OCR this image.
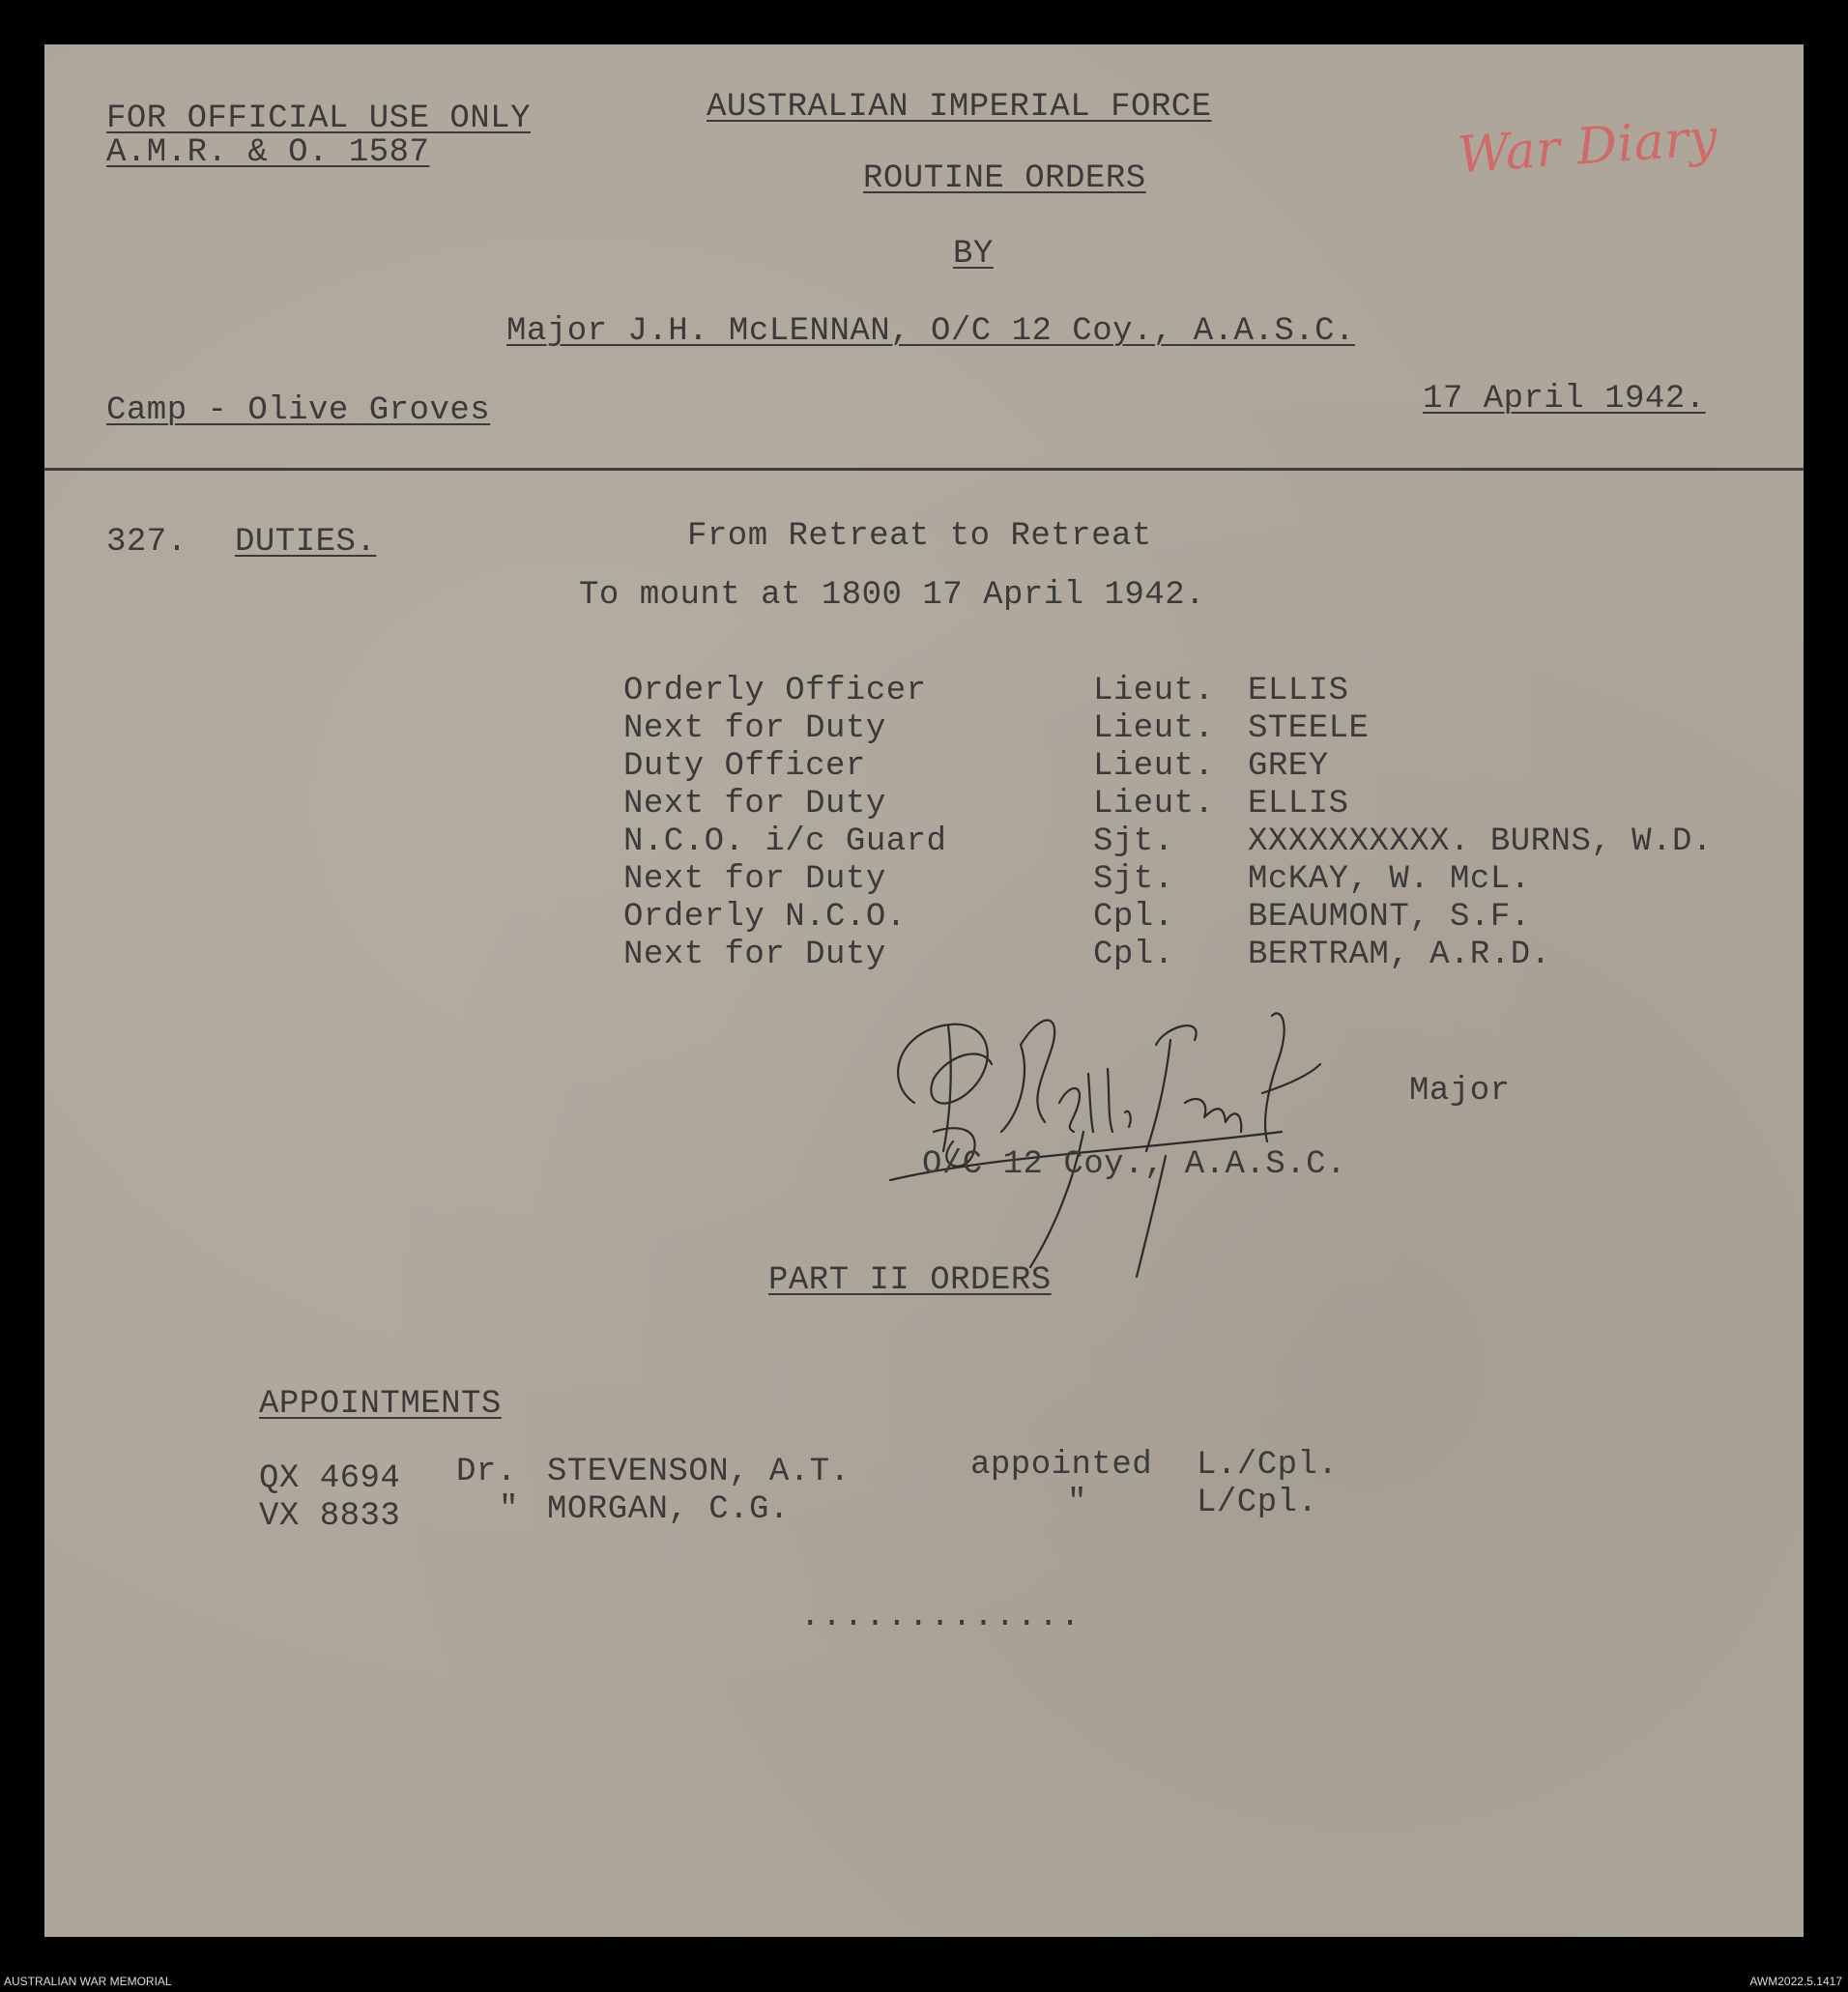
FOR OFFICIAL USE ONLY
A.M.R. & O. 1587
AUSTRALIAN IMPERIAL FORCE
ROUTINE ORDERS
BY
Major J.H. McLENNAN, O/C 12 Coy., A.A.S.C.
War Diary
Camp - Olive Groves	17 April 1942.
327. DUTIES.	From Retreat to Retreat
To mount at 1800 17 April 1942.
Orderly Officer	Lieut. ELLIS
Next for Duty	Lieut. STEELE
Duty Officer	Lieut. GREY
Next for Duty	Lieut. ELLIS
N.C.O. i/c Guard	Sjt. XXXXXXXXXX. BURNS, W.D.
Next for Duty	Sjt. McKAY, W. McL.
Orderly N.C.O.	Cpl. BEAUMONT, S.F.
Next for Duty	Cpl. BERTRAM, A.R.D.
Major
O/C 12 Coy., A.A.S.C.
PART II ORDERS
APPOINTMENTS
QX 4694 Dr. STEVENSON, A.T.	appointed L./Cpl.
VX 8833	" MORGAN, C.G.	"	L/Cpl.
.............
AUSTRALIAN WAR MEMORIAL	AWM2022.5.1417
